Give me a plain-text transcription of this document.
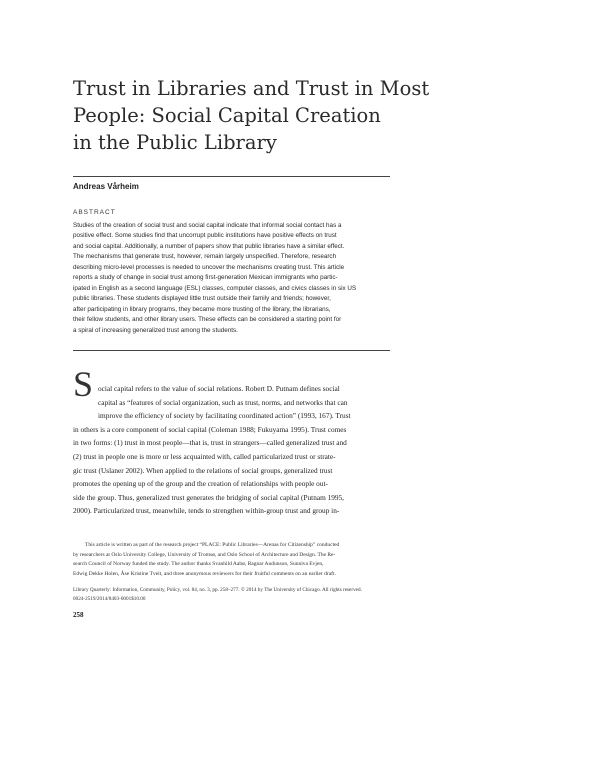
Trust in Libraries and Trust in Most
People: Social Capital Creation
in the Public Library
Andreas Vårheim
ABSTRACT
Studies of the creation of social trust and social capital indicate that informal social contact has a
positive effect. Some studies find that uncorrupt public institutions have positive effects on trust
and social capital. Additionally, a number of papers show that public libraries have a similar effect.
The mechanisms that generate trust, however, remain largely unspecified. Therefore, research
describing micro-level processes is needed to uncover the mechanisms creating trust. This article
reports a study of change in social trust among first-generation Mexican immigrants who partic-
ipated in English as a second language (ESL) classes, computer classes, and civics classes in six US
public libraries. These students displayed little trust outside their family and friends; however,
after participating in library programs, they became more trusting of the library, the librarians,
their fellow students, and other library users. These effects can be considered a starting point for
a spiral of increasing generalized trust among the students.
S ocial capital refers to the value of social relations. Robert D. Putnam defines social
capital as “features of social organization, such as trust, norms, and networks that can
improve the efficiency of society by facilitating coordinated action” (1993, 167). Trust
in others is a core component of social capital (Coleman 1988; Fukuyama 1995). Trust comes
in two forms: (1) trust in most people—that is, trust in strangers—called generalized trust and
(2) trust in people one is more or less acquainted with, called particularized trust or strate-
gic trust (Uslaner 2002). When applied to the relations of social groups, generalized trust
promotes the opening up of the group and the creation of relationships with people out-
side the group. Thus, generalized trust generates the bridging of social capital (Putnam 1995,
2000). Particularized trust, meanwhile, tends to strengthen within-group trust and group in-
This article is written as part of the research project “PLACE: Public Libraries—Arenas for Citizenship” conducted
by researchers at Oslo University College, University of Tromsø, and Oslo School of Architecture and Design. The Re-
search Council of Norway funded the study. The author thanks Svanhild Aabø, Ragnar Audunson, Sunniva Evjen,
Edwig Dekke Holen, Åse Kristine Tveit, and three anonymous reviewers for their fruitful comments on an earlier draft.
Library Quarterly: Information, Community, Policy, vol. 84, no. 3, pp. 258–277. © 2014 by The University of Chicago. All rights reserved.
0024-2519/2014/8403-0001$10.00
258
